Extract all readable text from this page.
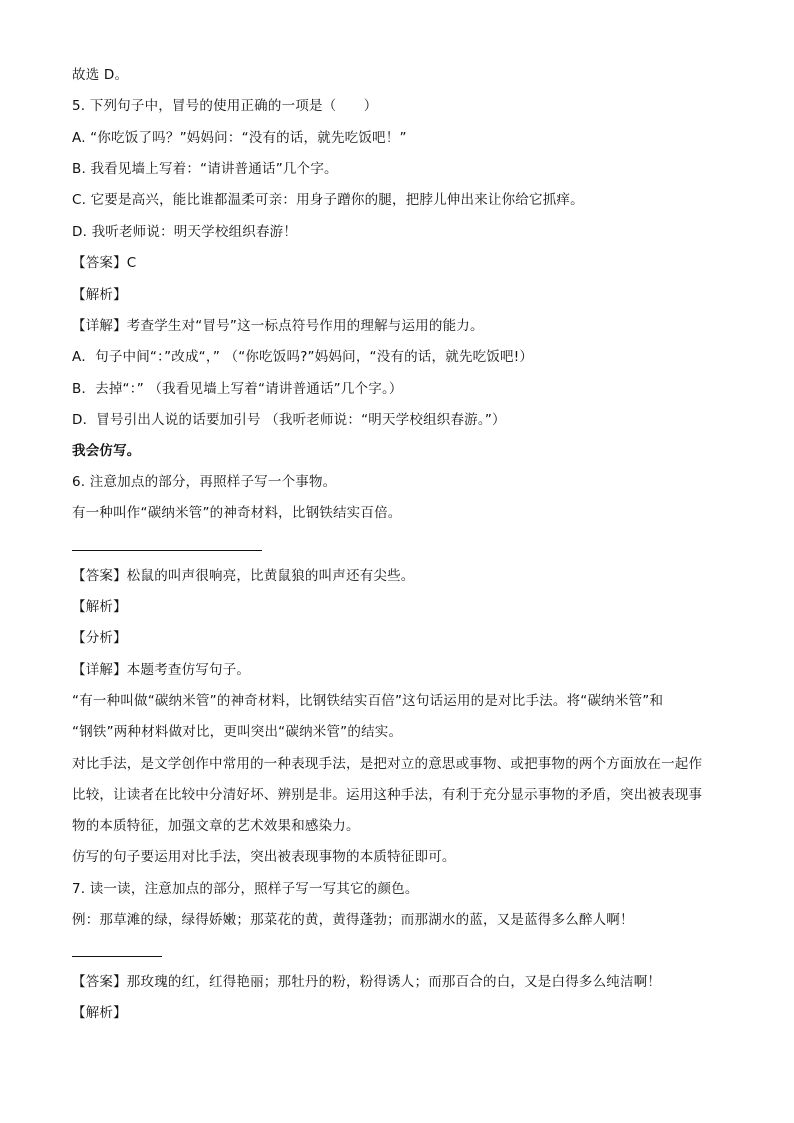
故选 D。
5. 下列句子中，冒号的使用正确的一项是（　　）
A. “你吃饭了吗？”妈妈问：“没有的话，就先吃饭吧！”
B. 我看见墙上写着：“请讲普通话”几个字。
C. 它要是高兴，能比谁都温柔可亲：用身子蹭你的腿，把脖儿伸出来让你给它抓痒。
D. 我听老师说：明天学校组织春游！
【答案】C
【解析】
【详解】考查学生对“冒号”这一标点符号作用的理解与运用的能力。
A．句子中间“：”改成“，” （“你吃饭吗?”妈妈问，“没有的话，就先吃饭吧!）
B．去掉“：” （我看见墙上写着“请讲普通话”几个字。）
D．冒号引出人说的话要加引号 （我听老师说：“明天学校组织春游。”）
我会仿写。
6. 注意加点的部分，再照样子写一个事物。
有一种叫作“碳纳米管”的神奇材料，比钢铁结实百倍。
【答案】松鼠的叫声很响亮，比黄鼠狼的叫声还有尖些。
【解析】
【分析】
【详解】本题考查仿写句子。
“有一种叫做“碳纳米管”的神奇材料，比钢铁结实百倍”这句话运用的是对比手法。将“碳纳米管”和
“钢铁”两种材料做对比，更叫突出“碳纳米管”的结实。
对比手法，是文学创作中常用的一种表现手法，是把对立的意思或事物、或把事物的两个方面放在一起作
比较，让读者在比较中分清好坏、辨别是非。运用这种手法，有利于充分显示事物的矛盾，突出被表现事
物的本质特征，加强文章的艺术效果和感染力。
仿写的句子要运用对比手法，突出被表现事物的本质特征即可。
7. 读一读，注意加点的部分，照样子写一写其它的颜色。
例：那草滩的绿，绿得娇嫩；那菜花的黄，黄得蓬勃；而那湖水的蓝，又是蓝得多么醉人啊！
【答案】那玫瑰的红，红得艳丽；那牡丹的粉，粉得诱人；而那百合的白，又是白得多么纯洁啊！
【解析】
